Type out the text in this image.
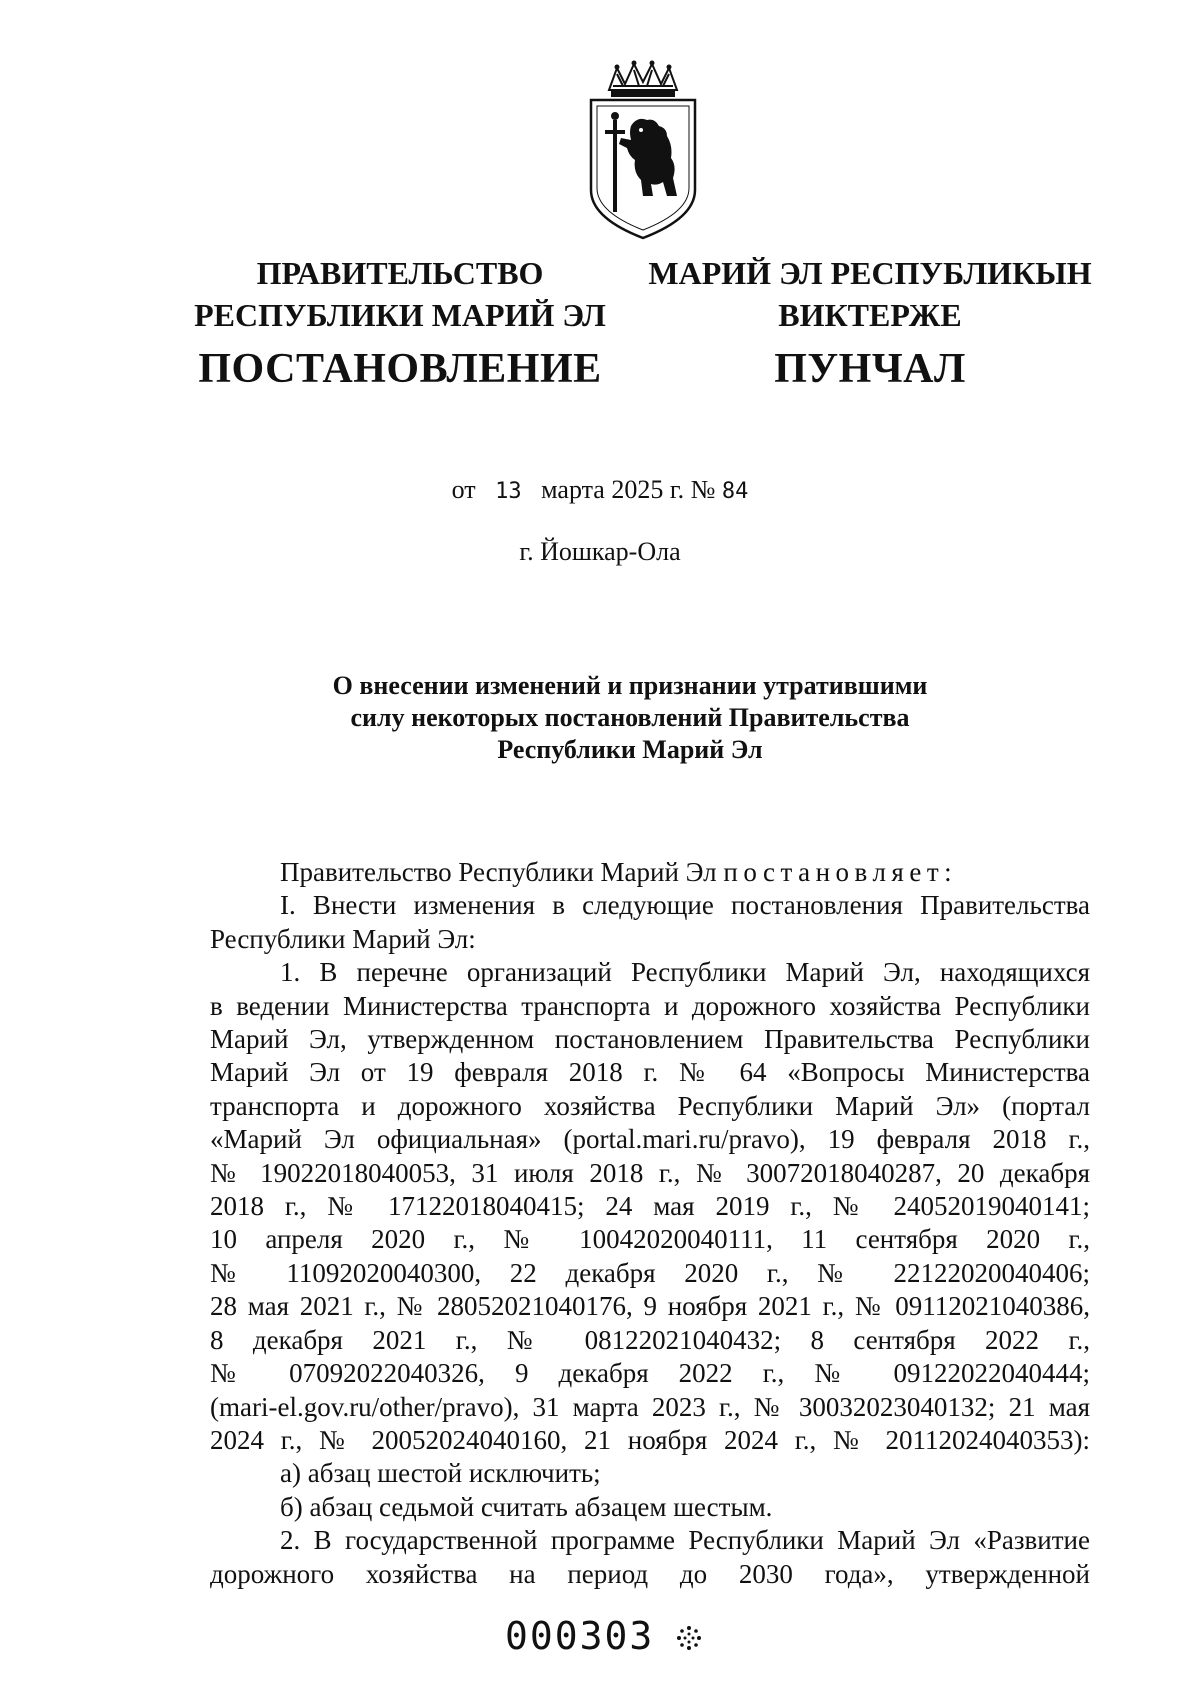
ПРАВИТЕЛЬСТВО
РЕСПУБЛИКИ МАРИЙ ЭЛ
ПОСТАНОВЛЕНИЕ
МАРИЙ ЭЛ РЕСПУБЛИКЫН
ВИКТЕРЖЕ
ПУНЧАЛ
от 13 марта 2025 г. № 84
г. Йошкар-Ола
О внесении изменений и признании утратившими
силу некоторых постановлений Правительства
Республики Марий Эл

Правительство Республики Марий Эл постановляет:

I. Внести изменения в следующие постановления Правительства

Республики Марий Эл:

1. В перечне организаций Республики Марий Эл, находящихся

в ведении Министерства транспорта и дорожного хозяйства Республики

Марий Эл, утвержденном постановлением Правительства Республики

Марий Эл от 19 февраля 2018 г. № 64 «Вопросы Министерства

транспорта и дорожного хозяйства Республики Марий Эл» (портал

«Марий Эл официальная» (portal.mari.ru/pravo), 19 февраля 2018 г.,

№ 19022018040053, 31 июля 2018 г., № 30072018040287, 20 декабря

2018 г., № 17122018040415; 24 мая 2019 г., № 24052019040141;

10 апреля 2020 г., № 10042020040111, 11 сентября 2020 г.,

№ 11092020040300, 22 декабря 2020 г., № 22122020040406;

28 мая 2021 г., № 28052021040176, 9 ноября 2021 г., № 09112021040386,

8 декабря 2021 г., № 08122021040432; 8 сентября 2022 г.,

№ 07092022040326, 9 декабря 2022 г., № 09122022040444;

(mari-el.gov.ru/other/pravo), 31 марта 2023 г., № 30032023040132; 21 мая

2024 г., № 20052024040160, 21 ноября 2024 г., № 20112024040353):

а) абзац шестой исключить;

б) абзац седьмой считать абзацем шестым.

2. В государственной программе Республики Марий Эл «Развитие

дорожного хозяйства на период до 2030 года», утвержденной

000303
